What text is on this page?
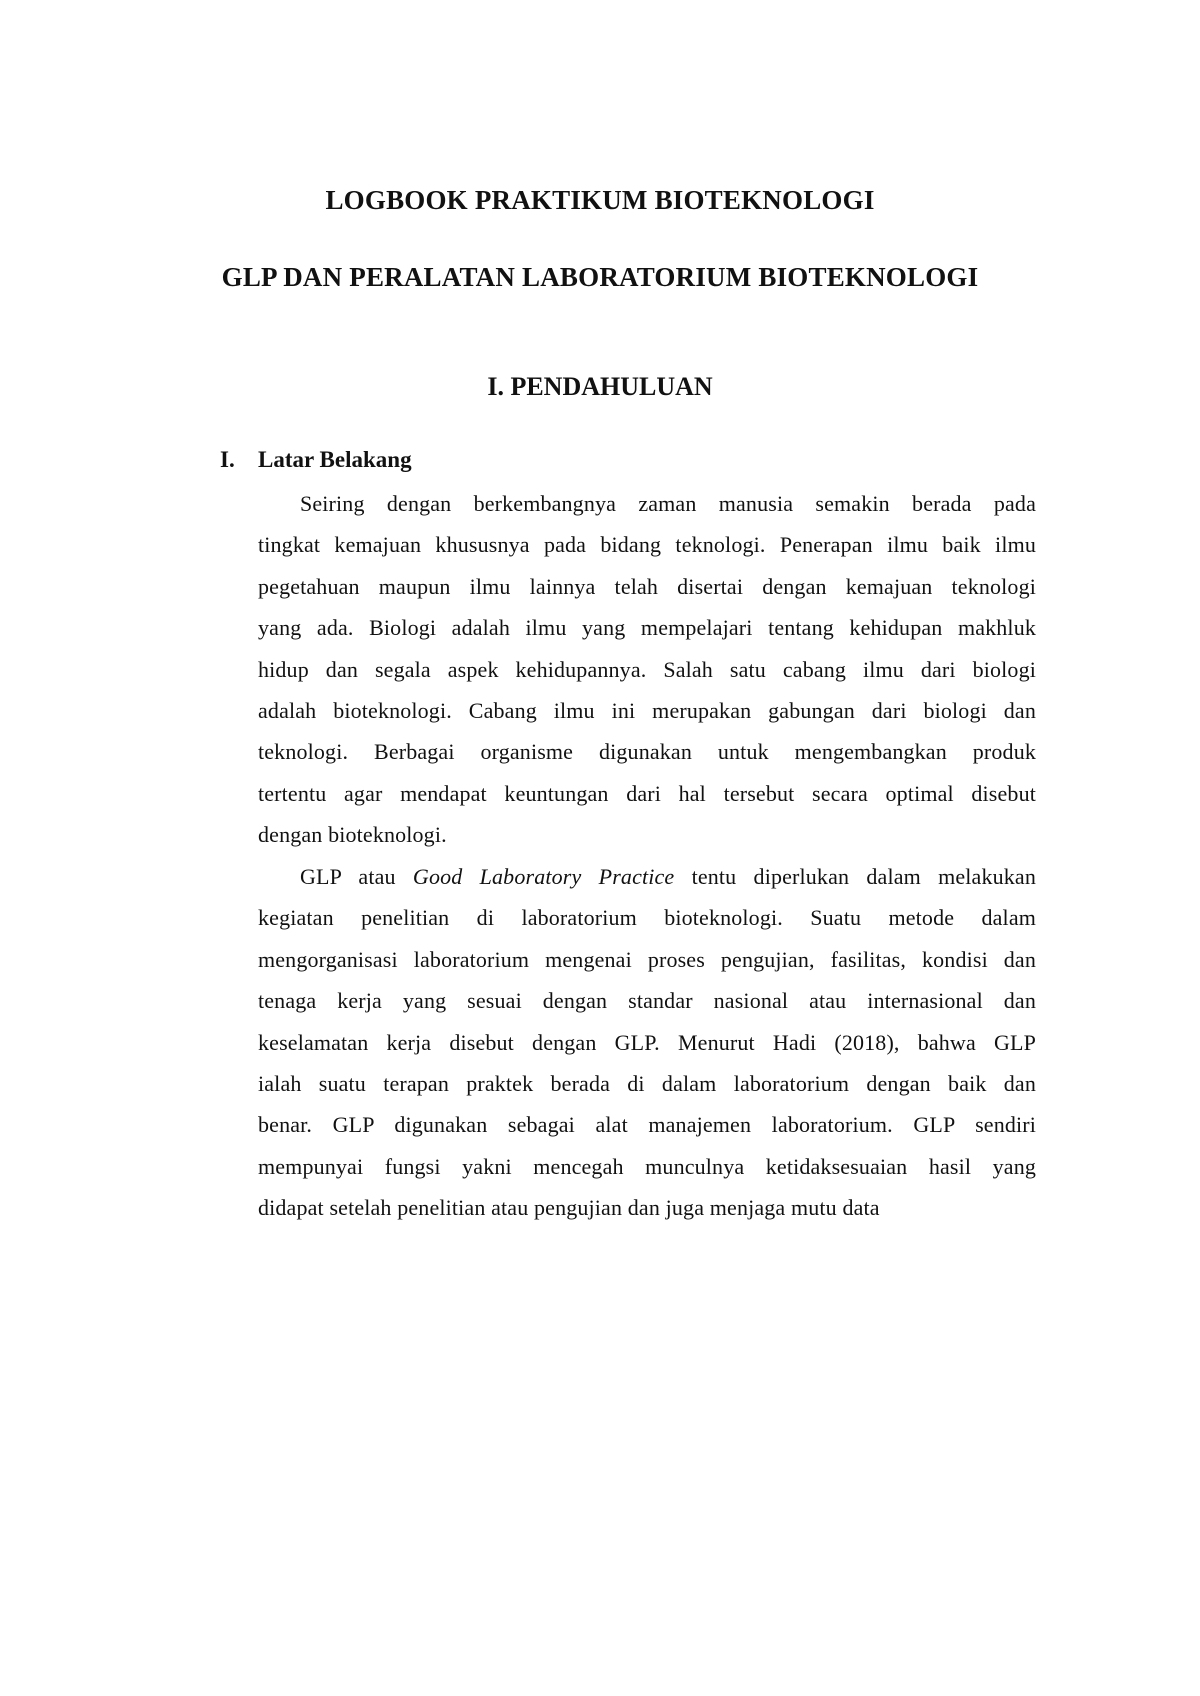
LOGBOOK PRAKTIKUM BIOTEKNOLOGI
GLP DAN PERALATAN LABORATORIUM BIOTEKNOLOGI
I. PENDAHULUAN
I. Latar Belakang
Seiring dengan berkembangnya zaman manusia semakin berada pada
tingkat kemajuan khususnya pada bidang teknologi. Penerapan ilmu baik ilmu
pegetahuan maupun ilmu lainnya telah disertai dengan kemajuan teknologi
yang ada. Biologi adalah ilmu yang mempelajari tentang kehidupan makhluk
hidup dan segala aspek kehidupannya. Salah satu cabang ilmu dari biologi
adalah bioteknologi. Cabang ilmu ini merupakan gabungan dari biologi dan
teknologi. Berbagai organisme digunakan untuk mengembangkan produk
tertentu agar mendapat keuntungan dari hal tersebut secara optimal disebut
dengan bioteknologi.
GLP atau Good Laboratory Practice tentu diperlukan dalam melakukan
kegiatan penelitian di laboratorium bioteknologi. Suatu metode dalam
mengorganisasi laboratorium mengenai proses pengujian, fasilitas, kondisi dan
tenaga kerja yang sesuai dengan standar nasional atau internasional dan
keselamatan kerja disebut dengan GLP. Menurut Hadi (2018), bahwa GLP
ialah suatu terapan praktek berada di dalam laboratorium dengan baik dan
benar. GLP digunakan sebagai alat manajemen laboratorium. GLP sendiri
mempunyai fungsi yakni mencegah munculnya ketidaksesuaian hasil yang
didapat setelah penelitian atau pengujian dan juga menjaga mutu data
